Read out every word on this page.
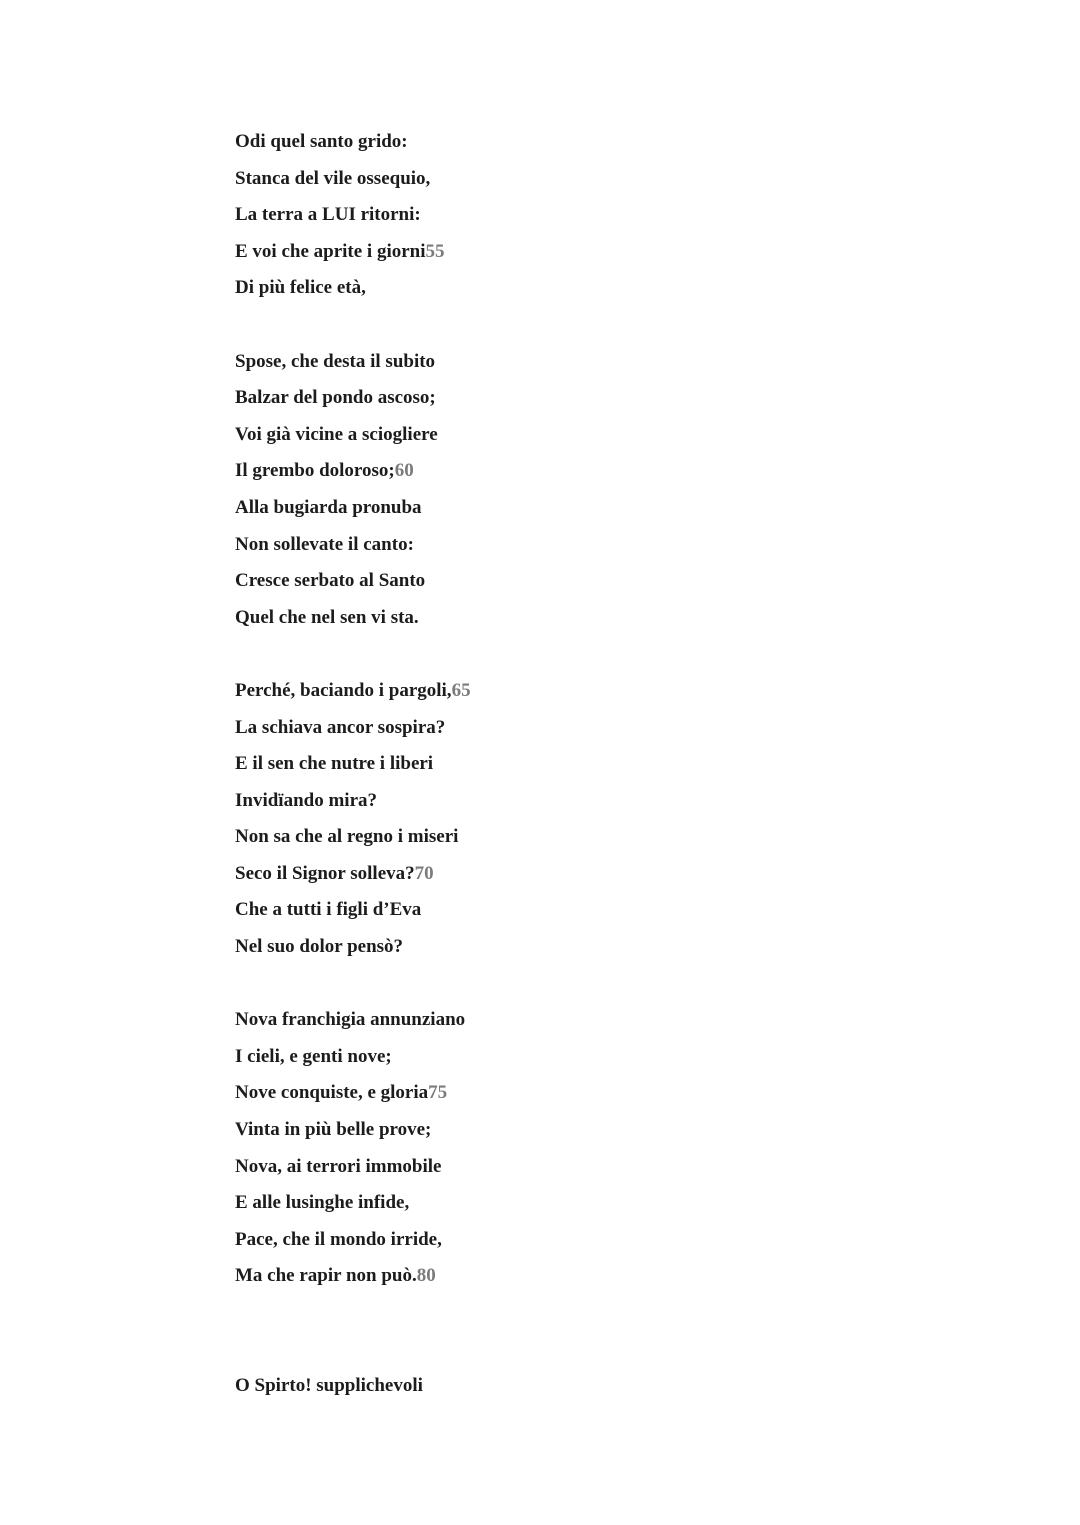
Odi quel santo grido:
Stanca del vile ossequio,
La terra a LUI ritorni:
E voi che aprite i giorni55
Di più felice età,
Spose, che desta il subito
Balzar del pondo ascoso;
Voi già vicine a sciogliere
Il grembo doloroso;60
Alla bugiarda pronuba
Non sollevate il canto:
Cresce serbato al Santo
Quel che nel sen vi sta.
Perché, baciando i pargoli,65
La schiava ancor sospira?
E il sen che nutre i liberi
Invidïando mira?
Non sa che al regno i miseri
Seco il Signor solleva?70
Che a tutti i figli d’Eva
Nel suo dolor pensò?
Nova franchigia annunziano
I cieli, e genti nove;
Nove conquiste, e gloria75
Vinta in più belle prove;
Nova, ai terrori immobile
E alle lusinghe infide,
Pace, che il mondo irride,
Ma che rapir non può.80
O Spirto! supplichevoli
